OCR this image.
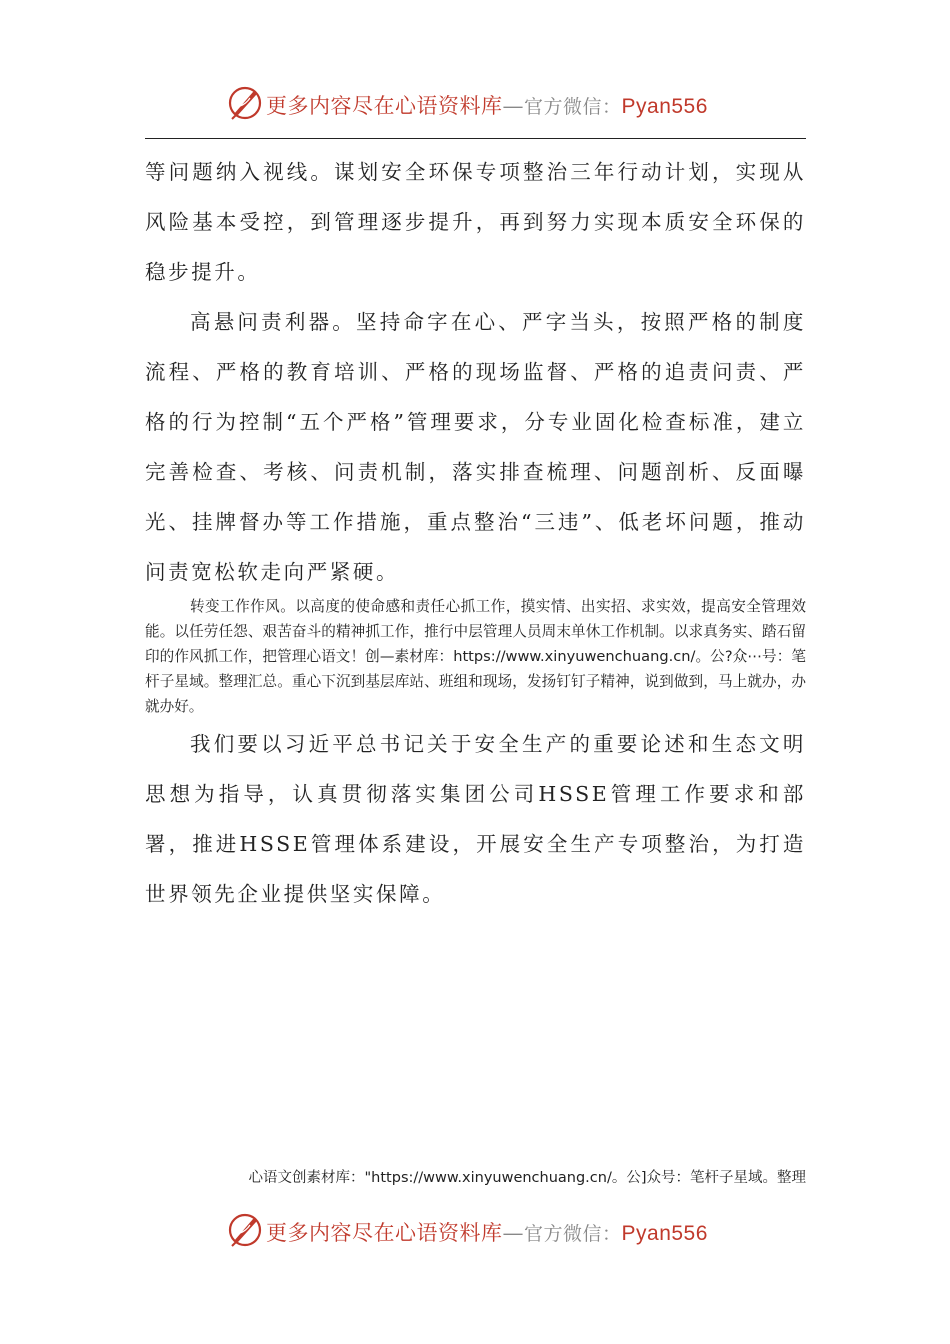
更多内容尽在心语资料库—官方微信：Pyan556

等问题纳入视线。谋划安全环保专项整治三年行动计划，实现从风险基本受控，到管理逐步提升，再到努力实现本质安全环保的稳步提升。

高悬问责利器。坚持命字在心、严字当头，按照严格的制度流程、严格的教育培训、严格的现场监督、严格的追责问责、严格的行为控制“五个严格”管理要求，分专业固化检查标准，建立完善检查、考核、问责机制，落实排查梳理、问题剖析、反面曝光、挂牌督办等工作措施，重点整治“三违”、低老坏问题，推动问责宽松软走向严紧硬。

转变工作作风。以高度的使命感和责任心抓工作，摸实情、出实招、求实效，提高安全管理效能。以任劳任怨、艰苦奋斗的精神抓工作，推行中层管理人员周末单休工作机制。以求真务实、踏石留印的作风抓工作，把管理心语文！创—素材库：https://www.xinyuwenchuang.cn/。公?众⋯号：笔杆子星域。整理汇总。重心下沉到基层库站、班组和现场，发扬钉钉子精神，说到做到，马上就办，办就办好。

我们要以习近平总书记关于安全生产的重要论述和生态文明思想为指导，认真贯彻落实集团公司HSSE管理工作要求和部署，推进HSSE管理体系建设，开展安全生产专项整治，为打造世界领先企业提供坚实保障。

心语文创素材库："https://www.xinyuwenchuang.cn/。公]众号：笔杆子星域。整理

更多内容尽在心语资料库—官方微信：Pyan556
